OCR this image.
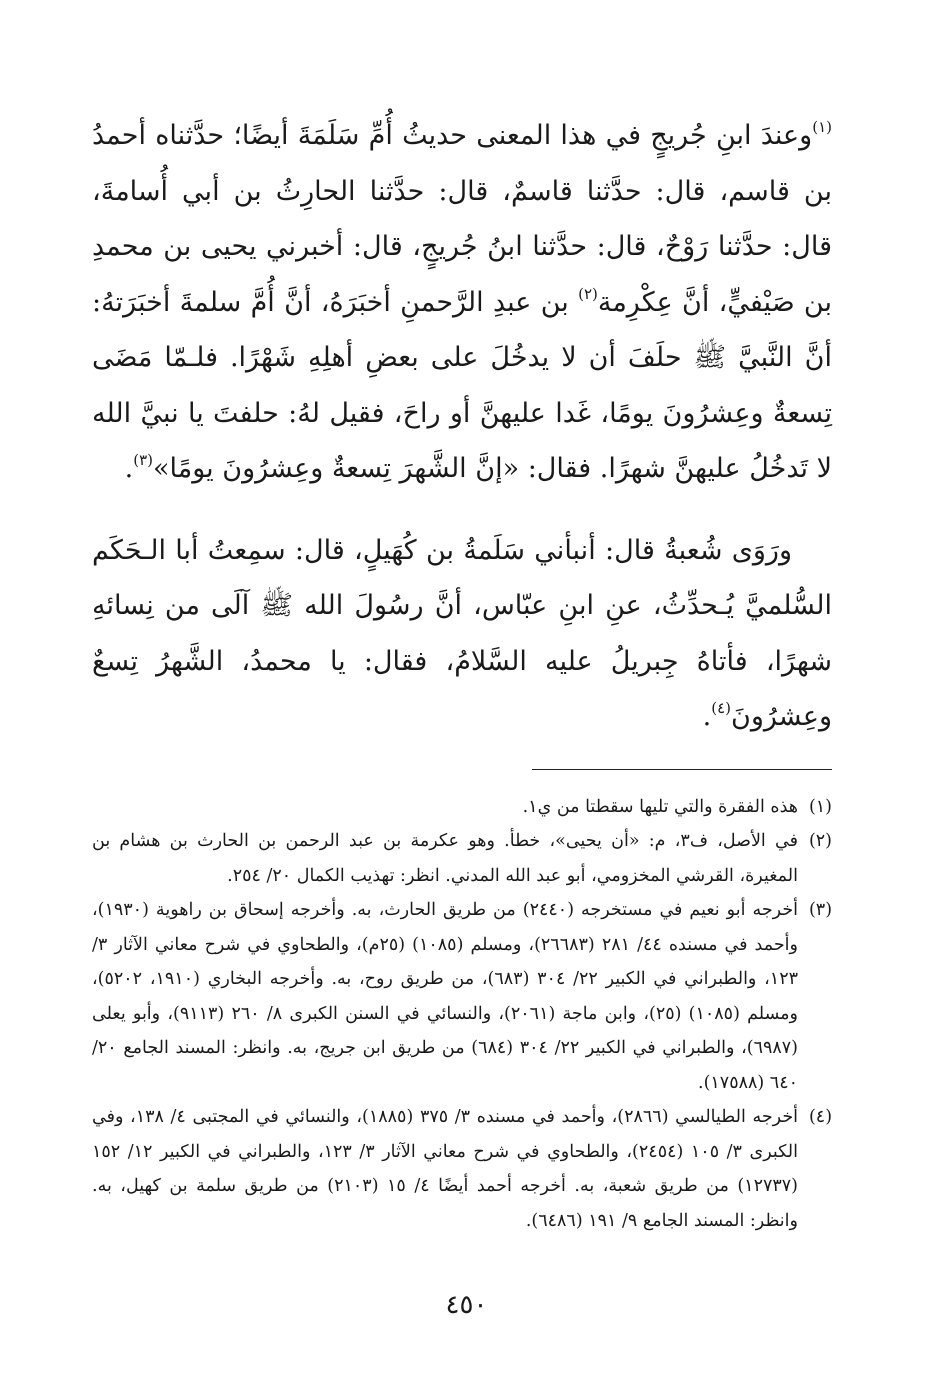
$^{(١)}$وعندَ ابنِ جُريجٍ في هذا المعنى حديثُ أُمِّ سَلَمَةَ أيضًا؛ حدَّثناه أحمدُ بن قاسم، قال: حدَّثنا قاسمٌ، قال: حدَّثنا الحارِثُ بن أبي أُسامةَ، قال: حدَّثنا رَوْحٌ، قال: حدَّثنا ابنُ جُريجٍ، قال: أخبرني يحيى بن محمدِ بن صَيْفيٍّ، أنَّ عِكْرِمة$^{(٢)}$ بن عبدِ الرَّحمنِ أخبَرَهُ، أنَّ أُمَّ سلمةَ أخبَرَتهُ: أنَّ النَّبيَّ ﷺ حلَفَ أن لا يدخُلَ على بعضِ أهلِهِ شَهْرًا. فلـمّا مَضَى تِسعةٌ وعِشرُونَ يومًا، غَدا عليهنَّ أو راحَ، فقيل لهُ: حلفتَ يا نبيَّ الله لا تَدخُلُ عليهنَّ شهرًا. فقال: «إنَّ الشَّهرَ تِسعةٌ وعِشرُونَ يومًا»$^{(٣)}$.

ورَوَى شُعبةُ قال: أنبأني سَلَمةُ بن كُهَيلٍ، قال: سمِعتُ أبا الـحَكَم السُّلميَّ يُـحدِّثُ، عنِ ابنِ عبّاس، أنَّ رسُولَ الله ﷺ آلَى من نِسائهِ شهرًا، فأتاهُ جِبريلُ عليه السَّلامُ، فقال: يا محمدُ، الشَّهرُ تِسعٌ وعِشرُونَ$^{(٤)}$.

(١)هذه الفقرة والتي تليها سقطتا من ي١.

(٢)في الأصل، ف٣، م: «أن يحيى»، خطأ. وهو عكرمة بن عبد الرحمن بن الحارث بن هشام بن المغيرة، القرشي المخزومي، أبو عبد الله المدني. انظر: تهذيب الكمال ٢٠/ ٢٥٤.

(٣)أخرجه أبو نعيم في مستخرجه (٢٤٤٠) من طريق الحارث، به. وأخرجه إسحاق بن راهوية (١٩٣٠)، وأحمد في مسنده ٤٤/ ٢٨١ (٢٦٦٨٣)، ومسلم (١٠٨٥) (٢٥م)، والطحاوي في شرح معاني الآثار ٣/ ١٢٣، والطبراني في الكبير ٢٢/ ٣٠٤ (٦٨٣)، من طريق روح، به. وأخرجه البخاري (١٩١٠، ٥٢٠٢)، ومسلم (١٠٨٥) (٢٥)، وابن ماجة (٢٠٦١)، والنسائي في السنن الكبرى ٨/ ٢٦٠ (٩١١٣)، وأبو يعلى (٦٩٨٧)، والطبراني في الكبير ٢٢/ ٣٠٤ (٦٨٤) من طريق ابن جريج، به. وانظر: المسند الجامع ٢٠/ ٦٤٠ (١٧٥٨٨).

(٤)أخرجه الطيالسي (٢٨٦٦)، وأحمد في مسنده ٣/ ٣٧٥ (١٨٨٥)، والنسائي في المجتبى ٤/ ١٣٨، وفي الكبرى ٣/ ١٠٥ (٢٤٥٤)، والطحاوي في شرح معاني الآثار ٣/ ١٢٣، والطبراني في الكبير ١٢/ ١٥٢ (١٢٧٣٧) من طريق شعبة، به. أخرجه أحمد أيضًا ٤/ ١٥ (٢١٠٣) من طريق سلمة بن كهيل، به. وانظر: المسند الجامع ٩/ ١٩١ (٦٤٨٦).

٤٥٠
